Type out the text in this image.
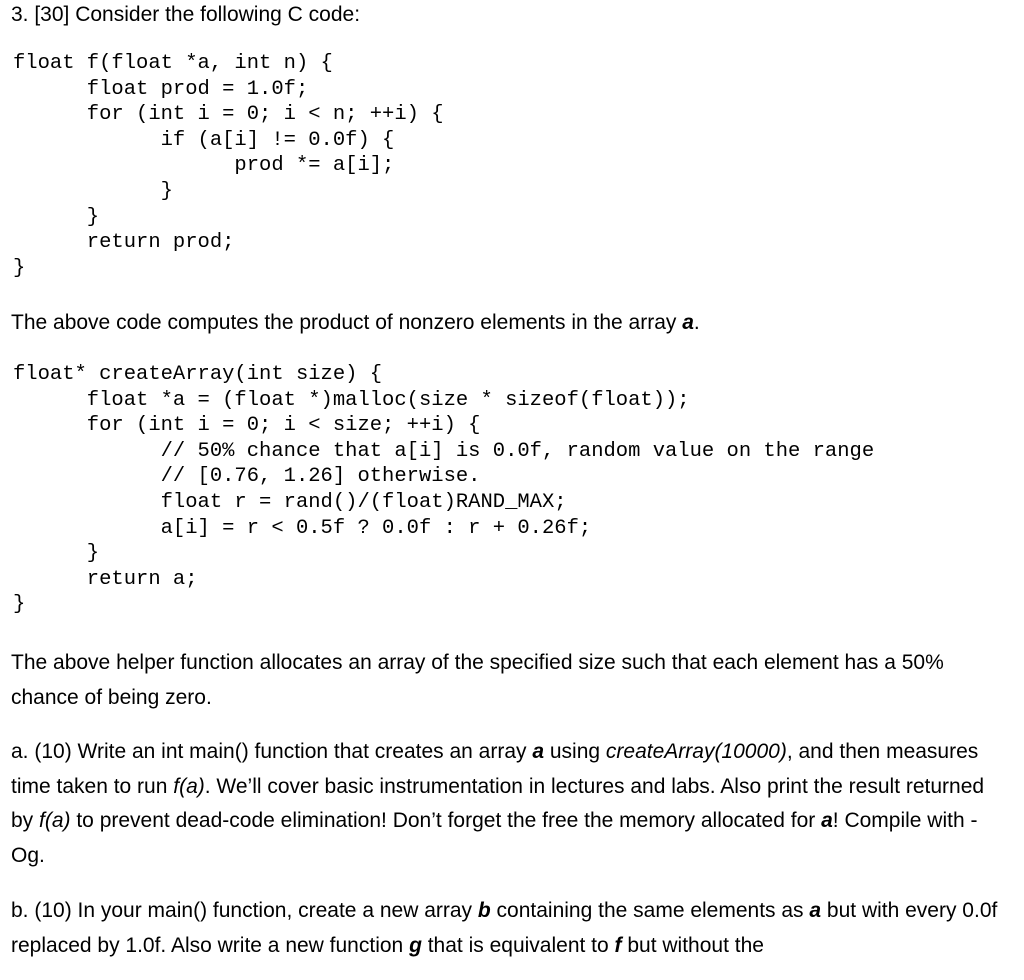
3. [30] Consider the following C code:
float f(float *a, int n) {
float prod = 1.0f;
for (int i = 0; i < n; ++i) {
if (a[i] != 0.0f) {
prod *= a[i];
}
}
return prod;
}

The above code computes the product of nonzero elements in the array a.

float* createArray(int size) {
float *a = (float *)malloc(size * sizeof(float));
for (int i = 0; i < size; ++i) {
// 50% chance that a[i] is 0.0f, random value on the range
// [0.76, 1.26] otherwise.
float r = rand()/(float)RAND_MAX;
a[i] = r < 0.5f ? 0.0f : r + 0.26f;
}
return a;
}

The above helper function allocates an array of the specified size such that each element has a 50% chance of being zero.

a. (10) Write an int main() function that creates an array a using createArray(10000), and then measures time taken to run f(a). We’ll cover basic instrumentation in lectures and labs. Also print the result returned by f(a) to prevent dead-code elimination! Don’t forget the free the memory allocated for a! Compile with -Og.

b. (10) In your main() function, create a new array b containing the same elements as a but with every 0.0f replaced by 1.0f. Also write a new function g that is equivalent to f but without the
